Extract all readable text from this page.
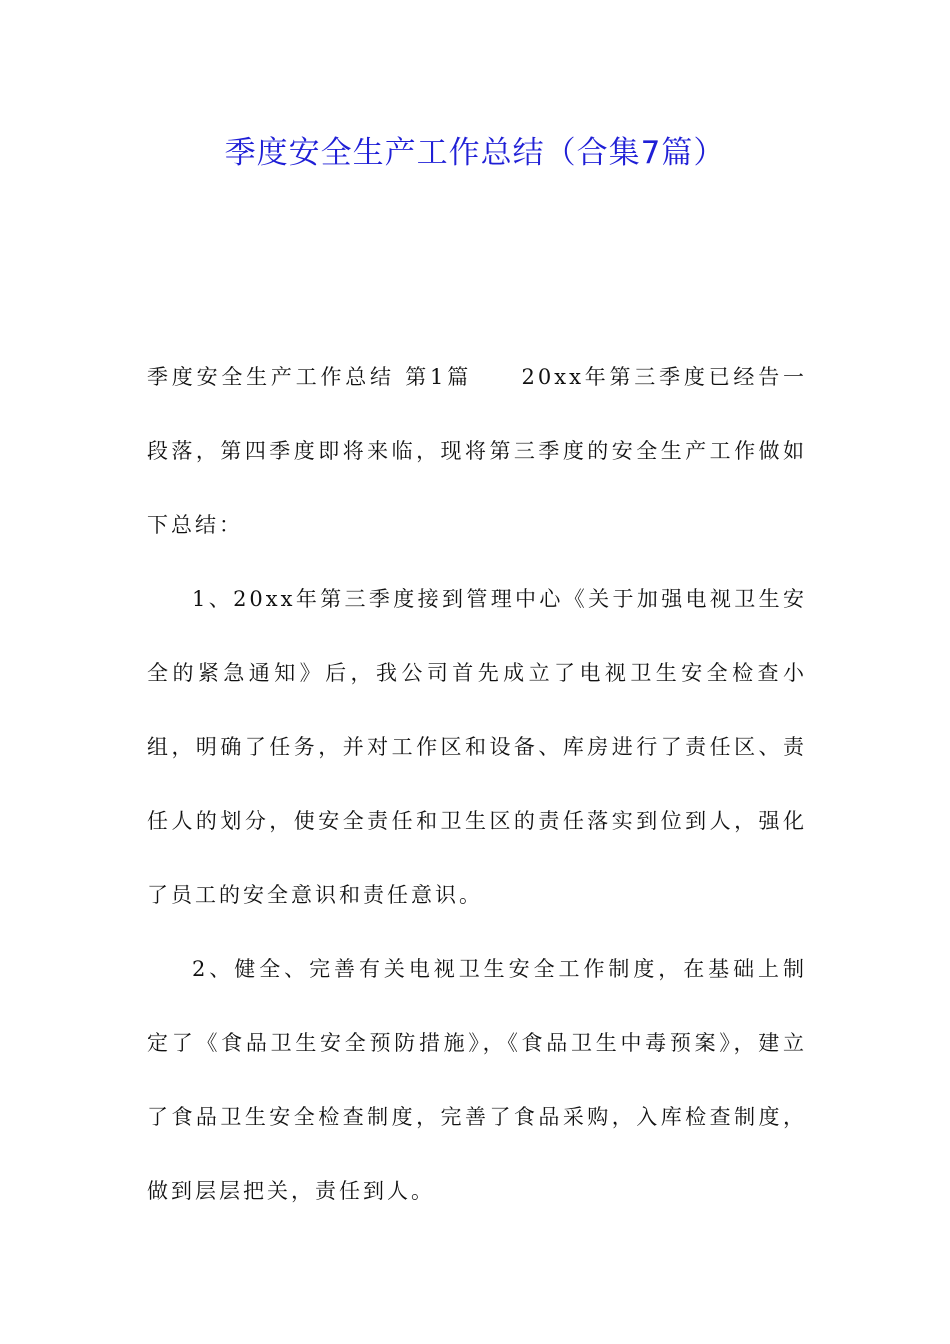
季度安全生产工作总结（合集7篇）

季度安全生产工作总结 第1篇　　20xx年第三季度已经告一段落，第四季度即将来临，现将第三季度的安全生产工作做如下总结：

1、20xx年第三季度接到管理中心《关于加强电视卫生安全的紧急通知》后，我公司首先成立了电视卫生安全检查小组，明确了任务，并对工作区和设备、库房进行了责任区、责任人的划分，使安全责任和卫生区的责任落实到位到人，强化了员工的安全意识和责任意识。

2、健全、完善有关电视卫生安全工作制度，在基础上制定了《食品卫生安全预防措施》，《食品卫生中毒预案》，建立了食品卫生安全检查制度，完善了食品采购，入库检查制度，做到层层把关，责任到人。
